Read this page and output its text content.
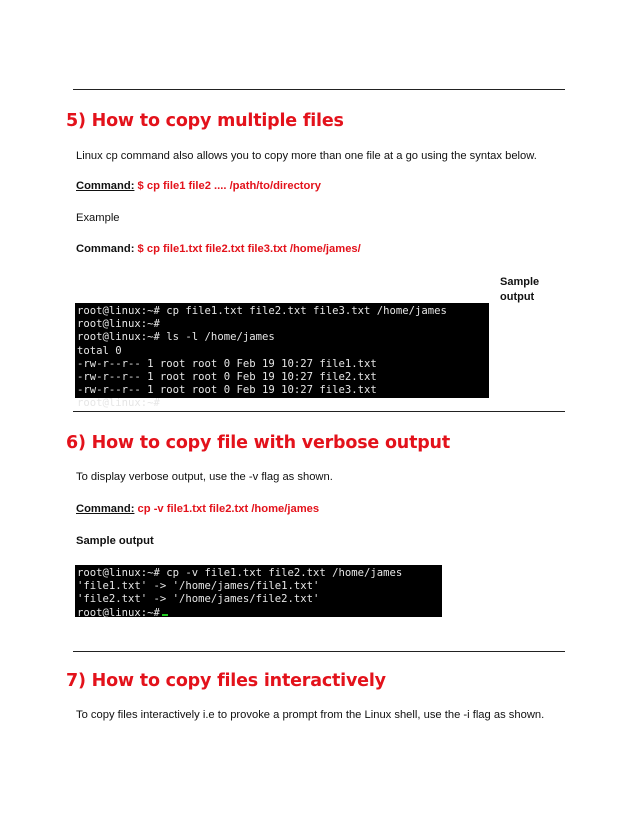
5) How to copy multiple files

Linux cp command also allows you to copy more than one file at a go using the syntax below.

Command: $ cp file1 file2 .... /path/to/directory

Example

Command: $ cp file1.txt file2.txt file3.txt /home/james/

Sample
output
root@linux:~# cp file1.txt file2.txt file3.txt /home/james
root@linux:~#
root@linux:~# ls -l /home/james
total 0
-rw-r--r-- 1 root root 0 Feb 19 10:27 file1.txt
-rw-r--r-- 1 root root 0 Feb 19 10:27 file2.txt
-rw-r--r-- 1 root root 0 Feb 19 10:27 file3.txt
root@linux:~#
6) How to copy file with verbose output

To display verbose output, use the -v flag as shown.

Command: cp -v file1.txt file2.txt /home/james

Sample output

root@linux:~# cp -v file1.txt file2.txt /home/james
'file1.txt' -> '/home/james/file1.txt'
'file2.txt' -> '/home/james/file2.txt'
root@linux:~#
7) How to copy files interactively

To copy files interactively i.e to provoke a prompt from the Linux shell, use the -i flag as shown.
